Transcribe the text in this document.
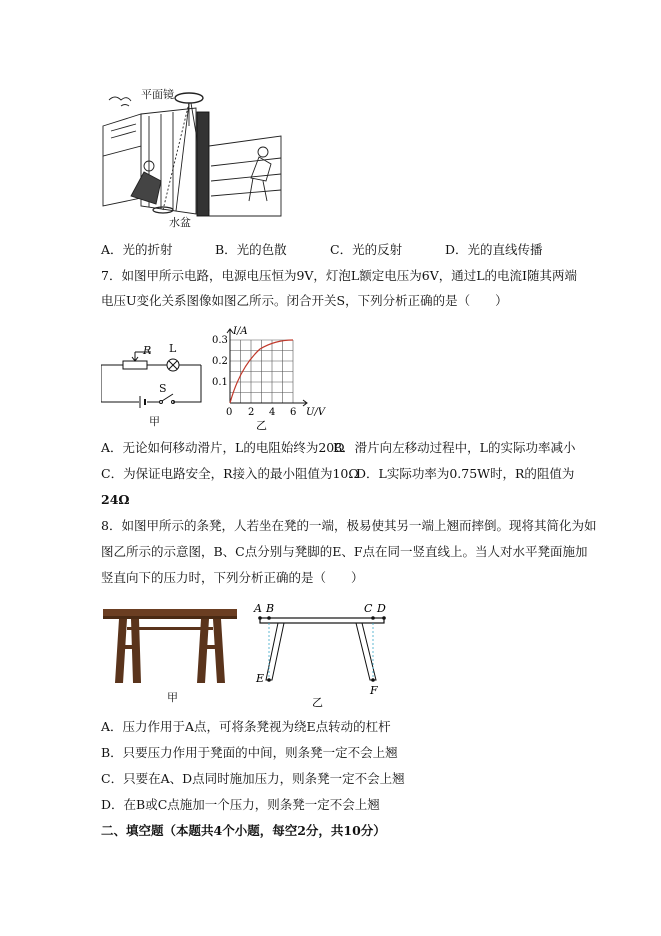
平面镜
水盆
A．光的折射	B．光的色散	C．光的反射	D．光的直线传播
7．如图甲所示电路，电源电压恒为9V，灯泡L额定电压为6V，通过L的电流I随其两端
电压U变化关系图像如图乙所示。闭合开关S，下列分析正确的是（　　）
R L
S
甲
0.3
0.2
0.1
0 2 4 6
I/A
U/V
乙
A．无论如何移动滑片，L的电阻始终为20Ω
B．滑片向左移动过程中，L的实际功率减小
C．为保证电路安全，R接入的最小阻值为10Ω
D．L实际功率为0.75W时，R的阻值为
24Ω
8．如图甲所示的条凳，人若坐在凳的一端，极易使其另一端上翘而摔倒。现将其简化为如
图乙所示的示意图，B、C点分别与凳脚的E、F点在同一竖直线上。当人对水平凳面施加
竖直向下的压力时，下列分析正确的是（　　）
甲
A B	C D
E
F
乙
A．压力作用于A点，可将条凳视为绕E点转动的杠杆
B．只要压力作用于凳面的中间，则条凳一定不会上翘
C．只要在A、D点同时施加压力，则条凳一定不会上翘
D．在B或C点施加一个压力，则条凳一定不会上翘
二、填空题（本题共4个小题，每空2分，共10分）
